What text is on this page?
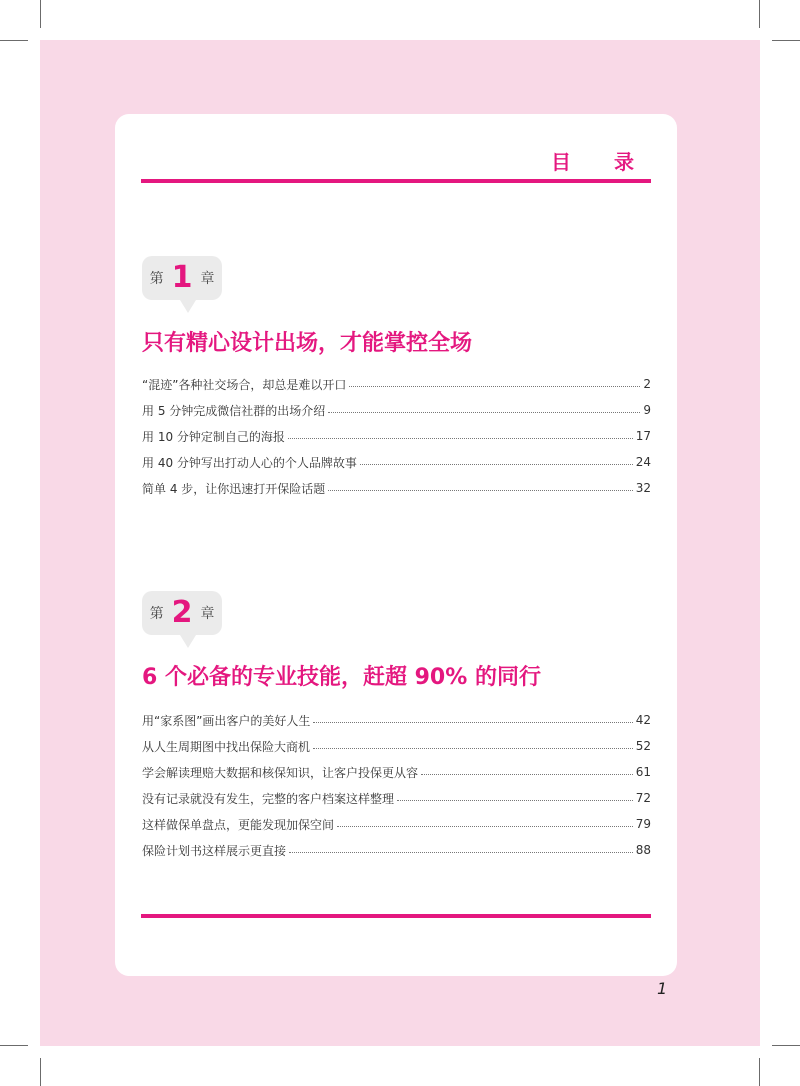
目 录
第 1 章
只有精心设计出场，才能掌控全场
“混迹”各种社交场合，却总是难以开口	2
用 5 分钟完成微信社群的出场介绍	9
用 10 分钟定制自己的海报	17
用 40 分钟写出打动人心的个人品牌故事	24
简单 4 步，让你迅速打开保险话题	32
第 2 章
6 个必备的专业技能，赶超 90% 的同行
用“家系图”画出客户的美好人生	42
从人生周期图中找出保险大商机	52
学会解读理赔大数据和核保知识，让客户投保更从容	61
没有记录就没有发生，完整的客户档案这样整理	72
这样做保单盘点，更能发现加保空间	79
保险计划书这样展示更直接	88
1
